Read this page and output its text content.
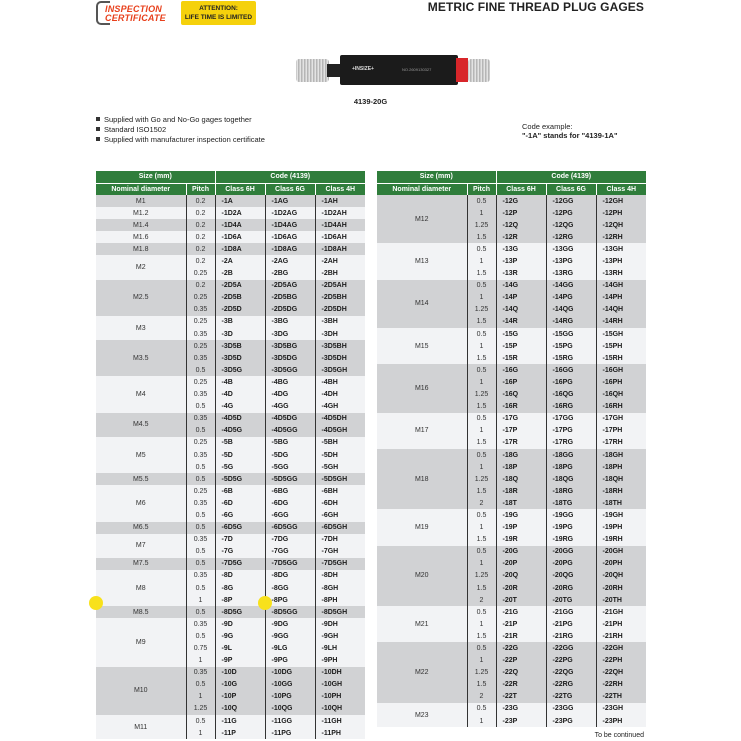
INSPECTION
CERTIFICATE
ATTENTION:
LIFE TIME IS LIMITED
METRIC FINE THREAD PLUG GAGES
+INSIZE+	NO.2609130327
4139-20G
Supplied with Go and No-Go gages together
Standard ISO1502
Supplied with manufacturer inspection certificate
Code example:
"-1A" stands for "4139-1A"
Size (mm)		Code (4139)		
Nominal diameter	Pitch	Class 6H	Class 6G	Class 4H
M1	0.2	-1A	-1AG	-1AH
M1.2	0.2	-1D2A	-1D2AG	-1D2AH
M1.4	0.2	-1D4A	-1D4AG	-1D4AH
M1.6	0.2	-1D6A	-1D6AG	-1D6AH
M1.8	0.2	-1D8A	-1D8AG	-1D8AH
M2	0.2	-2A	-2AG	-2AH
	0.25	-2B	-2BG	-2BH
M2.5	0.2	-2D5A	-2D5AG	-2D5AH
	0.25	-2D5B	-2D5BG	-2D5BH
	0.35	-2D5D	-2D5DG	-2D5DH
M3	0.25	-3B	-3BG	-3BH
	0.35	-3D	-3DG	-3DH
M3.5	0.25	-3D5B	-3D5BG	-3D5BH
	0.35	-3D5D	-3D5DG	-3D5DH
	0.5	-3D5G	-3D5GG	-3D5GH
M4	0.25	-4B	-4BG	-4BH
	0.35	-4D	-4DG	-4DH
	0.5	-4G	-4GG	-4GH
M4.5	0.35	-4D5D	-4D5DG	-4D5DH
	0.5	-4D5G	-4D5GG	-4D5GH
M5	0.25	-5B	-5BG	-5BH
	0.35	-5D	-5DG	-5DH
	0.5	-5G	-5GG	-5GH
M5.5	0.5	-5D5G	-5D5GG	-5D5GH
M6	0.25	-6B	-6BG	-6BH
	0.35	-6D	-6DG	-6DH
	0.5	-6G	-6GG	-6GH
M6.5	0.5	-6D5G	-6D5GG	-6D5GH
M7	0.35	-7D	-7DG	-7DH
	0.5	-7G	-7GG	-7GH
M7.5	0.5	-7D5G	-7D5GG	-7D5GH
M8	0.35	-8D	-8DG	-8DH
	0.5	-8G	-8GG	-8GH
	1	-8P	-8PG	-8PH
M8.5	0.5	-8D5G	-8D5GG	-8D5GH
M9	0.35	-9D	-9DG	-9DH
	0.5	-9G	-9GG	-9GH
	0.75	-9L	-9LG	-9LH
	1	-9P	-9PG	-9PH
M10	0.35	-10D	-10DG	-10DH
	0.5	-10G	-10GG	-10GH
	1	-10P	-10PG	-10PH
	1.25	-10Q	-10QG	-10QH
M11	0.5	-11G	-11GG	-11GH
	1	-11P	-11PG	-11PH
Size (mm)		Code (4139)		
Nominal diameter	Pitch	Class 6H	Class 6G	Class 4H
M12	0.5	-12G	-12GG	-12GH
	1	-12P	-12PG	-12PH
	1.25	-12Q	-12QG	-12QH
	1.5	-12R	-12RG	-12RH
M13	0.5	-13G	-13GG	-13GH
	1	-13P	-13PG	-13PH
	1.5	-13R	-13RG	-13RH
M14	0.5	-14G	-14GG	-14GH
	1	-14P	-14PG	-14PH
	1.25	-14Q	-14QG	-14QH
	1.5	-14R	-14RG	-14RH
M15	0.5	-15G	-15GG	-15GH
	1	-15P	-15PG	-15PH
	1.5	-15R	-15RG	-15RH
M16	0.5	-16G	-16GG	-16GH
	1	-16P	-16PG	-16PH
	1.25	-16Q	-16QG	-16QH
	1.5	-16R	-16RG	-16RH
M17	0.5	-17G	-17GG	-17GH
	1	-17P	-17PG	-17PH
	1.5	-17R	-17RG	-17RH
M18	0.5	-18G	-18GG	-18GH
	1	-18P	-18PG	-18PH
	1.25	-18Q	-18QG	-18QH
	1.5	-18R	-18RG	-18RH
	2	-18T	-18TG	-18TH
M19	0.5	-19G	-19GG	-19GH
	1	-19P	-19PG	-19PH
	1.5	-19R	-19RG	-19RH
M20	0.5	-20G	-20GG	-20GH
	1	-20P	-20PG	-20PH
	1.25	-20Q	-20QG	-20QH
	1.5	-20R	-20RG	-20RH
	2	-20T	-20TG	-20TH
M21	0.5	-21G	-21GG	-21GH
	1	-21P	-21PG	-21PH
	1.5	-21R	-21RG	-21RH
M22	0.5	-22G	-22GG	-22GH
	1	-22P	-22PG	-22PH
	1.25	-22Q	-22QG	-22QH
	1.5	-22R	-22RG	-22RH
	2	-22T	-22TG	-22TH
M23	0.5	-23G	-23GG	-23GH
	1	-23P	-23PG	-23PH
To be continued
